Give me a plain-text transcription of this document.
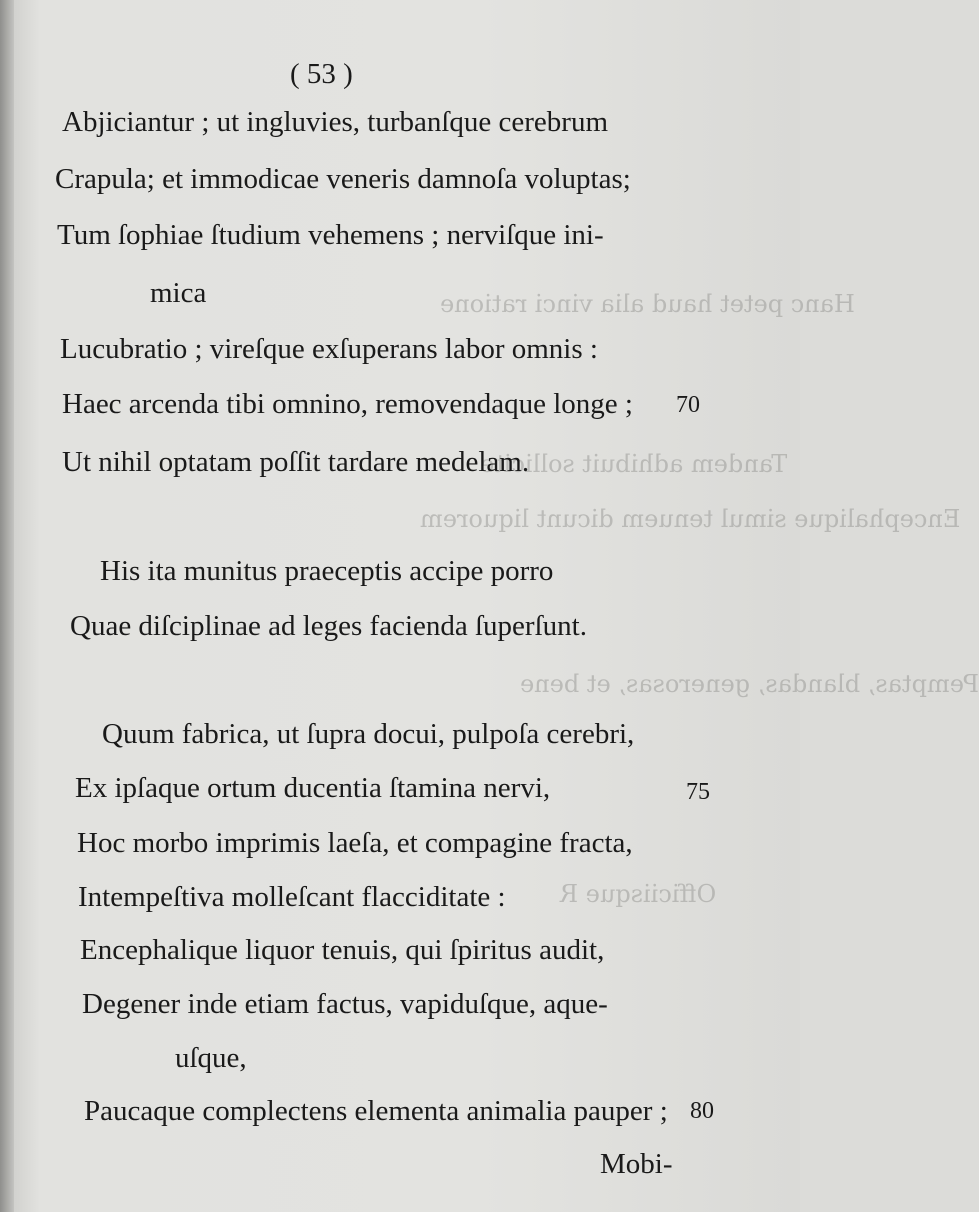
Hanc petet haud alia vinci ratione
Tandem adhibuit sollicite
Encephalique simul tenuem dicunt liquorem
Pemptas, blandas, generosas, et bene
Officiisque R
( 53 )
Abjiciantur ; ut ingluvies, turbanſque cerebrum
Crapula; et immodicae veneris damnoſa voluptas;
Tum ſophiae ſtudium vehemens ; nerviſque ini-
mica
Lucubratio ; vireſque exſuperans labor omnis :
Haec arcenda tibi omnino, removendaque longe ; 70
Ut nihil optatam poſſit tardare medelam.
His ita munitus praeceptis accipe porro
Quae diſciplinae ad leges facienda ſuperſunt.
Quum fabrica, ut ſupra docui, pulpoſa cerebri,
Ex ipſaque ortum ducentia ſtamina nervi,	75
Hoc morbo imprimis laeſa, et compagine fracta,
Intempeſtiva molleſcant flacciditate :
Encephalique liquor tenuis, qui ſpiritus audit,
Degener inde etiam factus, vapiduſque, aque-
uſque,
Paucaque complectens elementa animalia pauper ; 80
Mobi-
